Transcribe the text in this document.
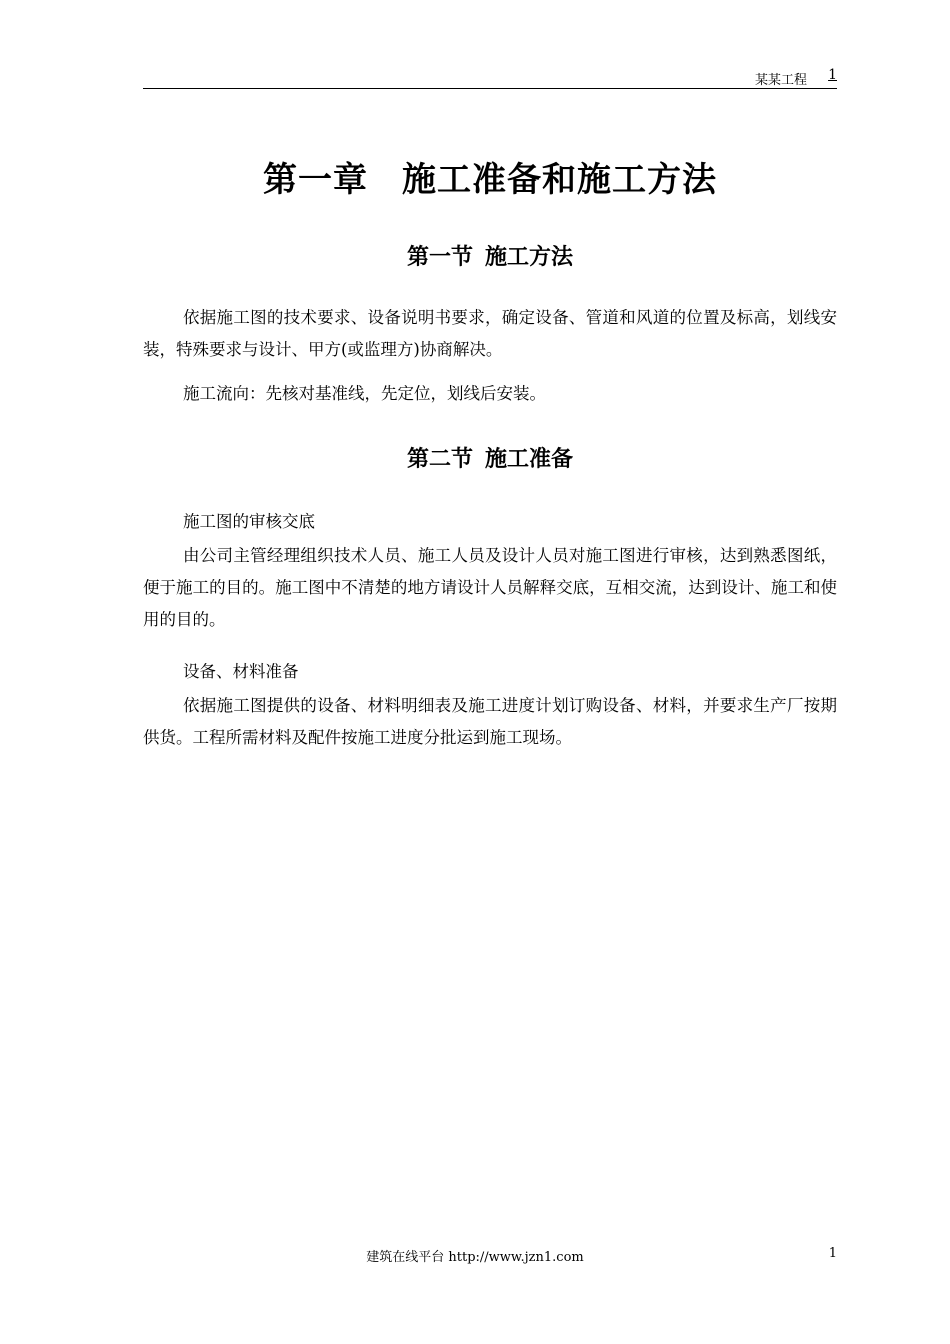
某某工程 1
第一章 施工准备和施工方法
第一节 施工方法

依据施工图的技术要求、设备说明书要求，确定设备、管道和风道的位置及标高，划线安装，特殊要求与设计、甲方(或监理方)协商解决。

施工流向：先核对基准线，先定位，划线后安装。

第二节 施工准备

施工图的审核交底

由公司主管经理组织技术人员、施工人员及设计人员对施工图进行审核，达到熟悉图纸，便于施工的目的。施工图中不清楚的地方请设计人员解释交底，互相交流，达到设计、施工和使用的目的。

设备、材料准备

依据施工图提供的设备、材料明细表及施工进度计划订购设备、材料，并要求生产厂按期供货。工程所需材料及配件按施工进度分批运到施工现场。

建筑在线平台 http://www.jzn1.com	1
